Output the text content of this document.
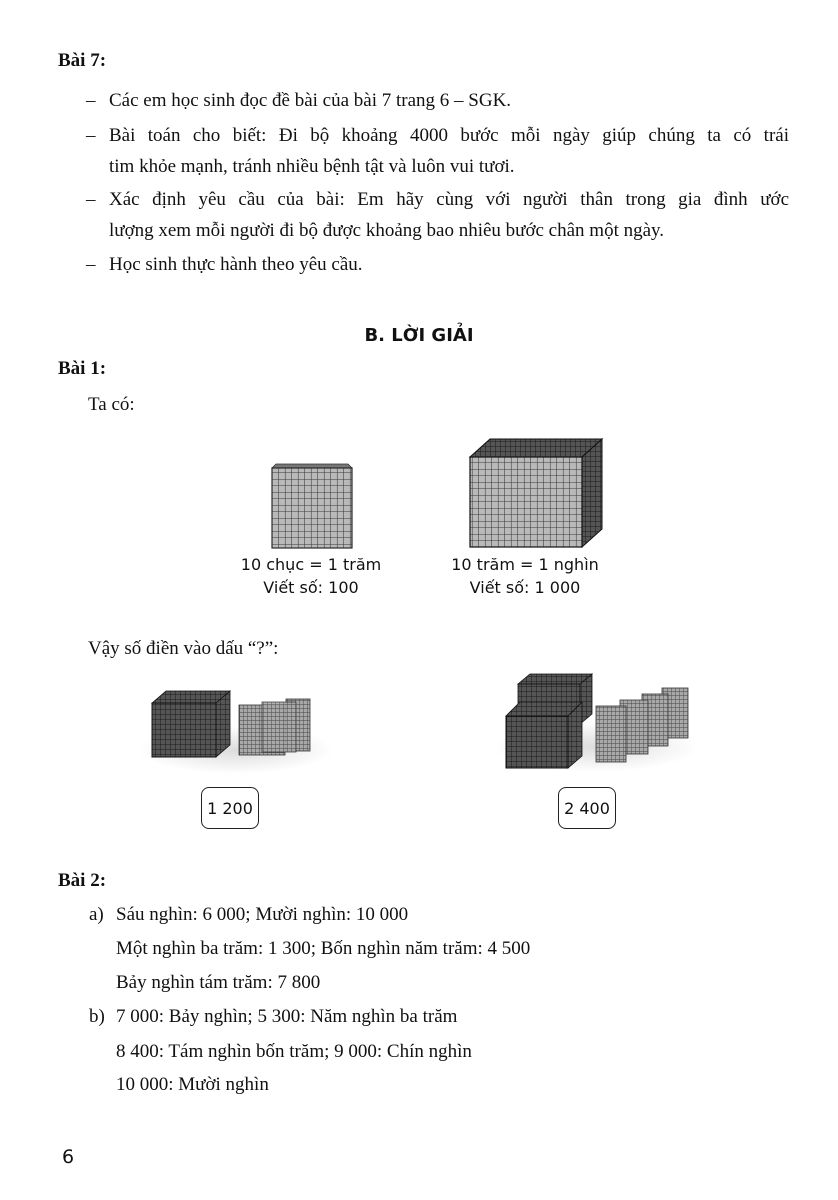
Bài 7:
– Các em học sinh đọc đề bài của bài 7 trang 6 – SGK.
– Bài toán cho biết: Đi bộ khoảng 4000 bước mỗi ngày giúp chúng ta có trái
tim khỏe mạnh, tránh nhiều bệnh tật và luôn vui tươi.
– Xác định yêu cầu của bài: Em hãy cùng với người thân trong gia đình ước
lượng xem mỗi người đi bộ được khoảng bao nhiêu bước chân một ngày.
– Học sinh thực hành theo yêu cầu.
B. LỜI GIẢI
Bài 1:
Ta có:
10 chục = 1 trăm
Viết số: 100
10 trăm = 1 nghìn
Viết số: 1 000
Vậy số điền vào dấu “?”:
1 200	2 400
Bài 2:
a) Sáu nghìn: 6 000; Mười nghìn: 10 000
Một nghìn ba trăm: 1 300; Bốn nghìn năm trăm: 4 500
Bảy nghìn tám trăm: 7 800
b) 7 000: Bảy nghìn; 5 300: Năm nghìn ba trăm
8 400: Tám nghìn bốn trăm; 9 000: Chín nghìn
10 000: Mười nghìn
6
